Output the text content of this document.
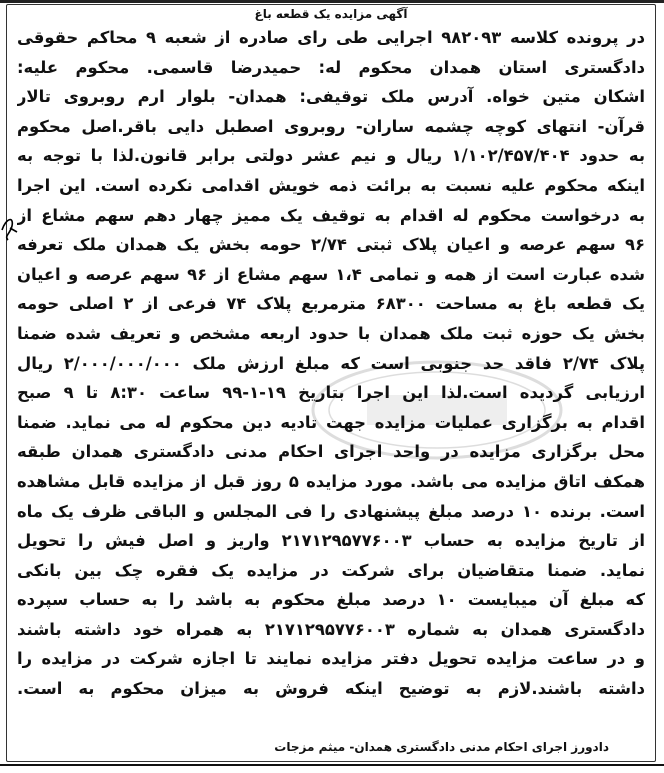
آگهی مزایده یک قطعه باغ
در پرونده کلاسه ۹۸۲۰۹۳ اجرایی طی رای صادره از شعبه ۹ محاکم حقوقی
دادگستری استان همدان محکوم له: حمیدرضا قاسمی. محکوم علیه:
اشکان متین خواه. آدرس ملک توقیفی: همدان- بلوار ارم روبروی تالار
قرآن- انتهای کوچه چشمه ساران- روبروی اصطبل دایی باقر.اصل محکوم
به حدود ۱/۱۰۲/۴۵۷/۴۰۴ ریال و نیم عشر دولتی برابر قانون.لذا با توجه به
اینکه محکوم علیه نسبت به برائت ذمه خویش اقدامی نکرده است. این اجرا
به درخواست محکوم له اقدام به توقیف یک ممیز چهار دهم سهم مشاع از
۹۶ سهم عرصه و اعیان پلاک ثبتی ۲/۷۴ حومه بخش یک همدان ملک تعرفه
شده عبارت است از همه و تمامی ۱،۴ سهم مشاع از ۹۶ سهم عرصه و اعیان
یک قطعه باغ به مساحت ۶۸۳۰۰ مترمربع پلاک ۷۴ فرعی از ۲ اصلی حومه
بخش یک حوزه ثبت ملک همدان با حدود اربعه مشخص و تعریف شده ضمنا
پلاک ۲/۷۴ فاقد حد جنوبی است که مبلغ ارزش ملک ۲/۰۰۰/۰۰۰/۰۰۰ ریال
ارزیابی گردیده است.لذا این اجرا بتاریخ ۱۹-۱-۹۹ ساعت ۸:۳۰ تا ۹ صبح
اقدام به برگزاری عملیات مزایده جهت تادیه دین محکوم له می نماید. ضمنا
محل برگزاری مزایده در واحد اجرای احکام مدنی دادگستری همدان طبقه
همکف اتاق مزایده می باشد. مورد مزایده ۵ روز قبل از مزایده قابل مشاهده
است. برنده ۱۰ درصد مبلغ پیشنهادی را فی المجلس و الباقی ظرف یک ماه
از تاریخ مزایده به حساب ۲۱۷۱۲۹۵۷۷۶۰۰۳ واریز و اصل فیش را تحویل
نماید. ضمنا متقاضیان برای شرکت در مزایده یک فقره چک بین بانکی
که مبلغ آن میبایست ۱۰ درصد مبلغ محکوم به باشد را به حساب سپرده
دادگستری همدان به شماره ۲۱۷۱۲۹۵۷۷۶۰۰۳ به همراه خود داشته باشند
و در ساعت مزایده تحویل دفتر مزایده نمایند تا اجازه شرکت در مزایده را
داشته باشند.لازم به توضیح اینکه فروش به میزان محکوم به است.
دادورز اجرای احکام مدنی دادگستری همدان- میثم مزجات
